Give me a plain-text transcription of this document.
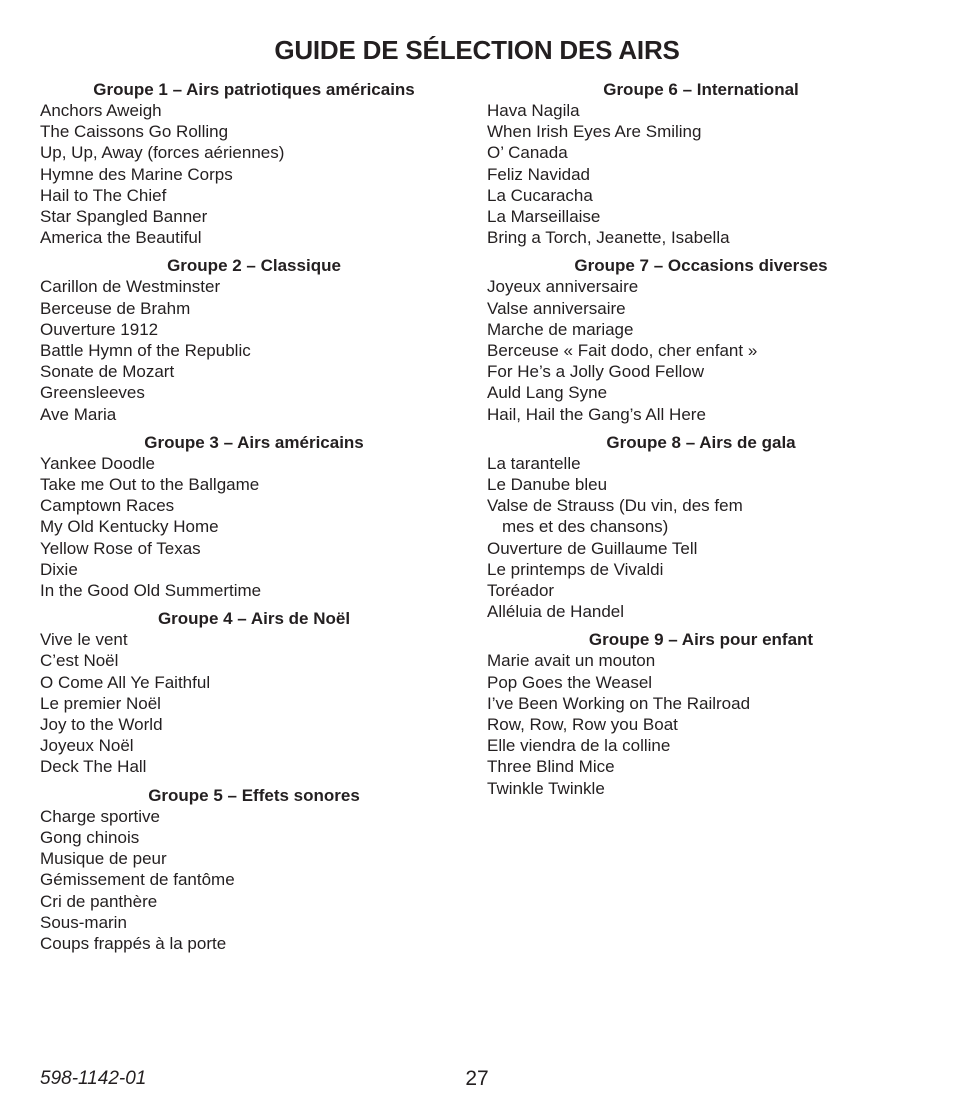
GUIDE DE SÉLECTION DES AIRS
Groupe 1 – Airs patriotiques américains
Anchors Aweigh
The Caissons Go Rolling
Up, Up, Away (forces aériennes)
Hymne des Marine Corps
Hail to The Chief
Star Spangled Banner
America the Beautiful
Groupe 2 – Classique
Carillon de Westminster
Berceuse de Brahm
Ouverture 1912
Battle Hymn of the Republic
Sonate de Mozart
Greensleeves
Ave Maria
Groupe 3 – Airs américains
Yankee Doodle
Take me Out to the Ballgame
Camptown Races
My Old Kentucky Home
Yellow Rose of Texas
Dixie
In the Good Old Summertime
Groupe 4 – Airs de Noël
Vive le vent
C’est Noël
O Come All Ye Faithful
Le premier Noël
Joy to the World
Joyeux Noël
Deck The Hall
Groupe 5 – Effets sonores
Charge sportive
Gong chinois
Musique de peur
Gémissement de fantôme
Cri de panthère
Sous-marin
Coups frappés à la porte
Groupe 6 – International
Hava Nagila
When Irish Eyes Are Smiling
O’ Canada
Feliz Navidad
La Cucaracha
La Marseillaise
Bring a Torch, Jeanette, Isabella
Groupe 7 – Occasions diverses
Joyeux anniversaire
Valse anniversaire
Marche de mariage
Berceuse « Fait dodo, cher enfant »
For He’s a Jolly Good Fellow
Auld Lang Syne
Hail, Hail the Gang’s All Here
Groupe 8 – Airs de gala
La tarantelle
Le Danube bleu
Valse de Strauss (Du vin, des fem
mes et des chansons)
Ouverture de Guillaume Tell
Le printemps de Vivaldi
Toréador
Alléluia de Handel
Groupe 9 – Airs pour enfant
Marie avait un mouton
Pop Goes the Weasel
I’ve Been Working on The Railroad
Row, Row, Row you Boat
Elle viendra de la colline
Three Blind Mice
Twinkle Twinkle
598-1142-01	27
